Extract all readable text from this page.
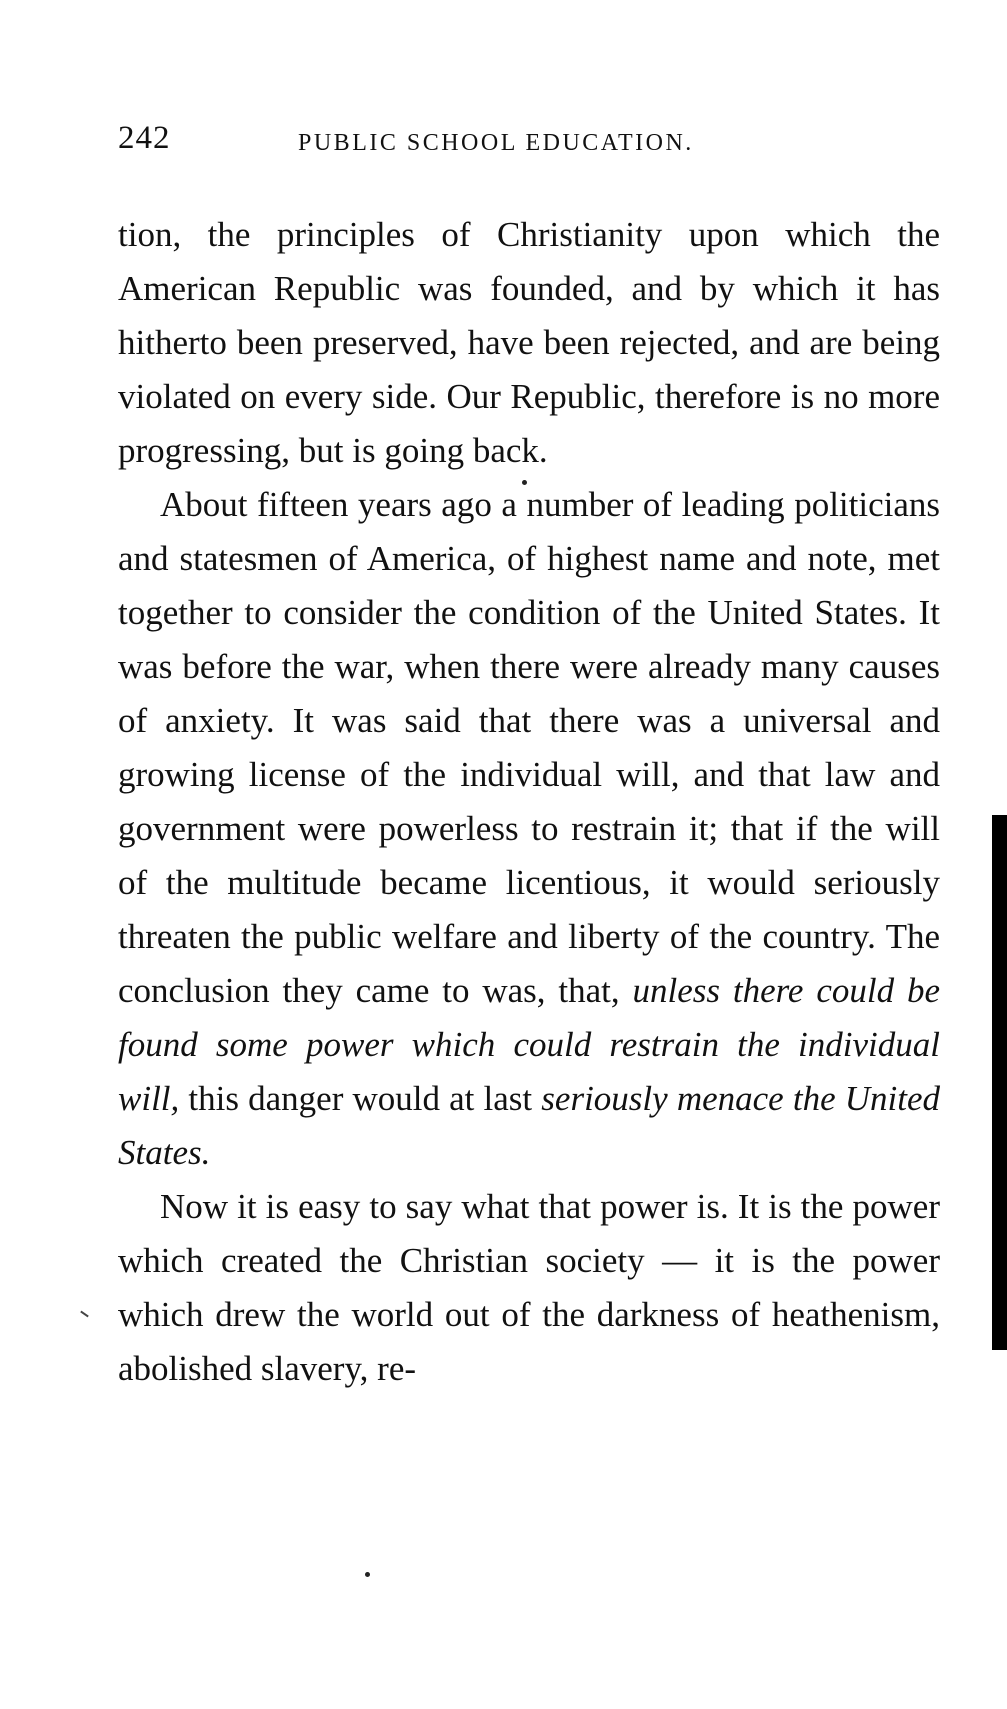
242	PUBLIC SCHOOL EDUCATION.

tion, the principles of Christianity upon which the American Republic was founded, and by which it has hitherto been preserved, have been rejected, and are being violated on every side. Our Republic, therefore is no more progressing, but is going back.

About fifteen years ago a number of leading politicians and statesmen of America, of highest name and note, met together to consider the condition of the United States. It was before the war, when there were already many causes of anxiety. It was said that there was a universal and growing license of the individual will, and that law and government were powerless to restrain it; that if the will of the multitude became licentious, it would seriously threaten the public welfare and liberty of the country. The conclusion they came to was, that, unless there could be found some power which could restrain the individual will, this danger would at last seriously menace the United States.

Now it is easy to say what that power is. It is the power which created the Christian society — it is the power which drew the world out of the darkness of heathenism, abolished slavery, re-
